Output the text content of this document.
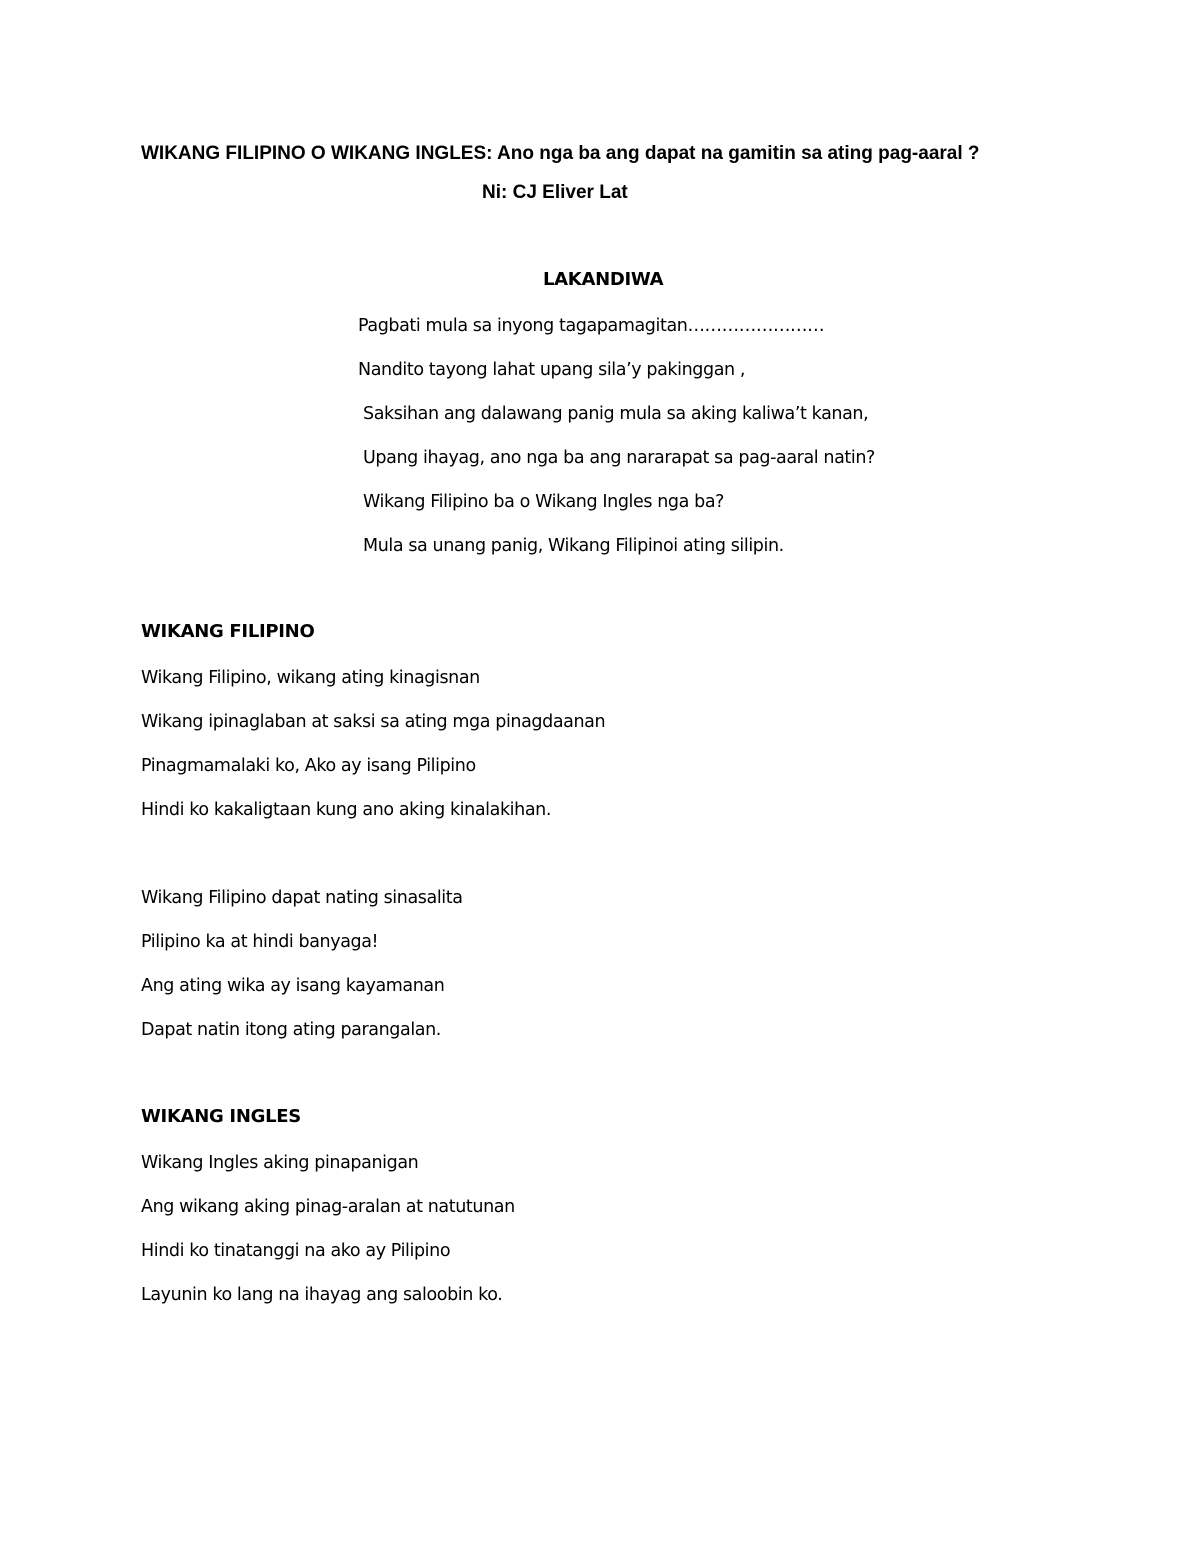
WIKANG FILIPINO O WIKANG INGLES: Ano nga ba ang dapat na gamitin sa ating pag-aaral ?
Ni: CJ Eliver Lat
LAKANDIWA
Pagbati mula sa inyong tagapamagitan……………………
Nandito tayong lahat upang sila’y pakinggan ,
Saksihan ang dalawang panig mula sa aking kaliwa’t kanan,
Upang ihayag, ano nga ba ang nararapat sa pag-aaral natin?
Wikang Filipino ba o Wikang Ingles nga ba?
Mula sa unang panig, Wikang Filipinoi ating silipin.
WIKANG FILIPINO
Wikang Filipino, wikang ating kinagisnan
Wikang ipinaglaban at saksi sa ating mga pinagdaanan
Pinagmamalaki ko, Ako ay isang Pilipino
Hindi ko kakaligtaan kung ano aking kinalakihan.
Wikang Filipino dapat nating sinasalita
Pilipino ka at hindi banyaga!
Ang ating wika ay isang kayamanan
Dapat natin itong ating parangalan.
WIKANG INGLES
Wikang Ingles aking pinapanigan
Ang wikang aking pinag-aralan at natutunan
Hindi ko tinatanggi na ako ay Pilipino
Layunin ko lang na ihayag ang saloobin ko.
